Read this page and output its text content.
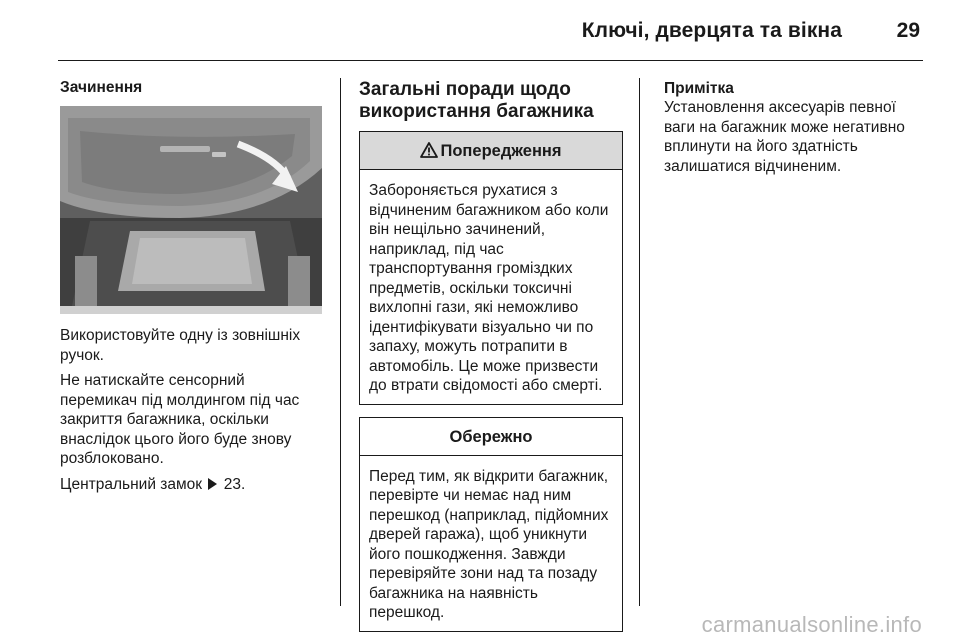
Ключі, дверцята та вікна	29
Зачинення

Використовуйте одну із зовнішніх ручок.

Не натискайте сенсорний перемикач під молдингом під час закриття багажника, оскільки внаслідок цього його буде знову розблоковано.

Центральний замок 23.

Загальні поради щодо використання багажника
Попередження
Забороняється рухатися з відчиненим багажником або коли він нещільно зачинений, наприклад, під час транспортування громіздких предметів, оскільки токсичні вихлопні гази, які неможливо ідентифікувати візуально чи по запаху, можуть потрапити в автомобіль. Це може призвести до втрати свідомості або смерті.
Обережно
Перед тим, як відкрити багажник, перевірте чи немає над ним перешкод (наприклад, підйомних дверей гаража), щоб уникнути його пошкодження. Завжди перевіряйте зони над та позаду багажника на наявність перешкод.
Примітка
Установлення аксесуарів певної ваги на багажник може негативно вплинути на його здатність залишатися відчиненим.
carmanualsonline.info
